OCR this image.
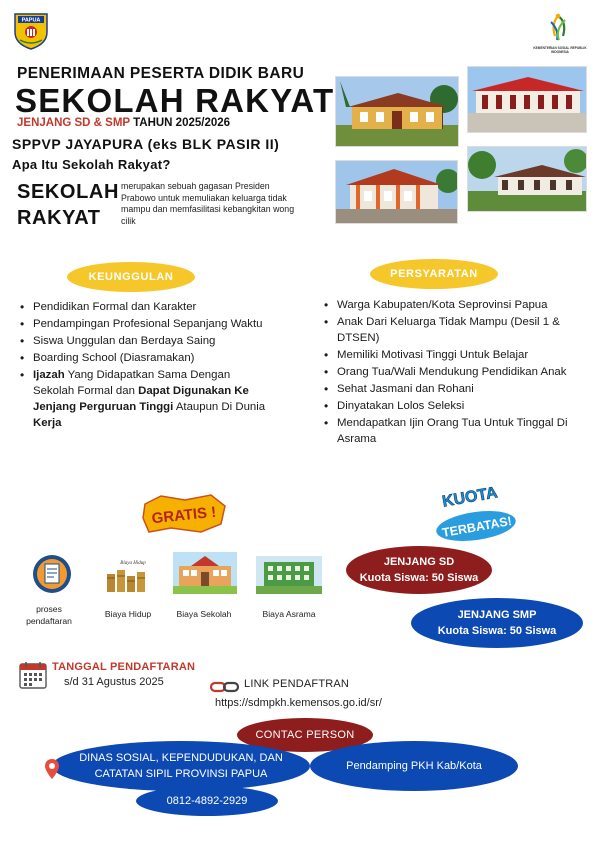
PAPUA
KEMENTERIAN SOSIAL REPUBLIK INDONESIA
PENERIMAAN PESERTA DIDIK BARU
SEKOLAH RAKYAT
JENJANG SD & SMP TAHUN 2025/2026
SPPVP JAYAPURA (eks BLK PASIR II)
Apa Itu Sekolah Rakyat?
SEKOLAH
RAKYAT
merupakan sebuah gagasan Presiden Prabowo untuk memuliakan keluarga tidak mampu dan memfasilitasi kebangkitan wong cilik
KEUNGGULAN	PERSYARATAN
• Pendidikan Formal dan Karakter
• Pendampingan Profesional Sepanjang Waktu
• Siswa Unggulan dan Berdaya Saing
• Boarding School (Diasramakan)
• Ijazah Yang Didapatkan Sama Dengan Sekolah Formal dan Dapat Digunakan Ke Jenjang Perguruan Tinggi Ataupun Di Dunia Kerja
• Warga Kabupaten/Kota Seprovinsi Papua
• Anak Dari Keluarga Tidak Mampu (Desil 1 & DTSEN)
• Memiliki Motivasi Tinggi Untuk Belajar
• Orang Tua/Wali Mendukung Pendidikan Anak
• Sehat Jasmani dan Rohani
• Dinyatakan Lolos Seleksi
• Mendapatkan Ijin Orang Tua Untuk Tinggal Di Asrama
GRATIS !
KUOTA
TERBATAS!
Biaya Hidup
proses pendaftaran
Biaya Hidup	Biaya Sekolah	Biaya Asrama
JENJANG SD
Kuota Siswa: 50 Siswa
JENJANG SMP
Kuota Siswa: 50 Siswa
TANGGAL PENDAFTARAN
s/d 31 Agustus 2025	LINK PENDAFTRAN
https://sdmpkh.kemensos.go.id/sr/
CONTAC PERSON
DINAS SOSIAL, KEPENDUDUKAN, DAN CATATAN SIPIL PROVINSI PAPUA
Pendamping PKH Kab/Kota
0812-4892-2929
